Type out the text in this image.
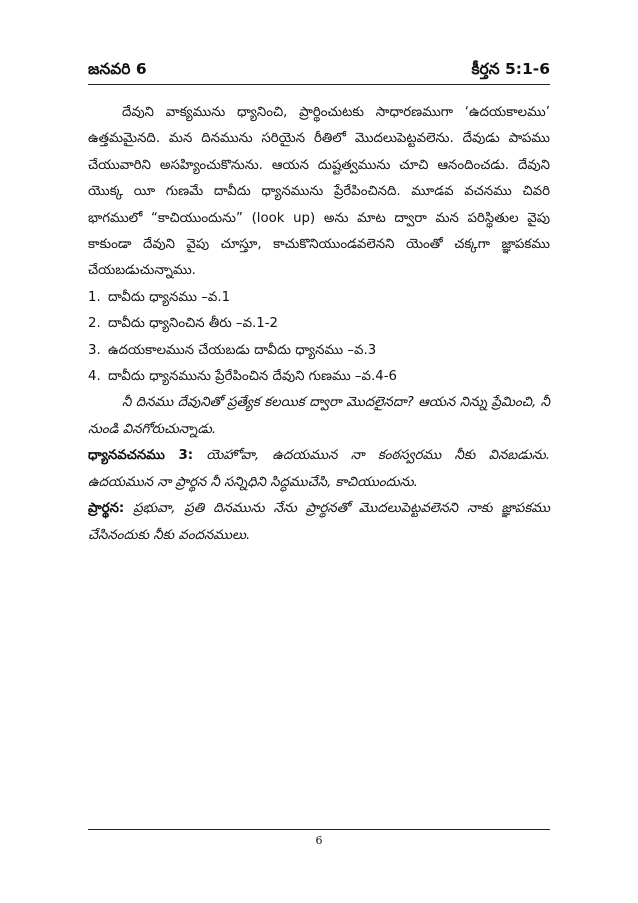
జనవరి 6	కీర్తన 5:1-6

దేవుని వాక్యమును ధ్యానించి, ప్రార్థించుటకు సాధారణముగా ‘ఉదయకాలము’ ఉత్తమమైనది. మన దినమును సరియైన రీతిలో మొదలుపెట్టవలెను. దేవుడు పాపము చేయువారిని అసహ్యించుకొనును. ఆయన దుష్టత్వమును చూచి ఆనందించడు. దేవుని యొక్క యీ గుణమే దావీదు ధ్యానమును ప్రేరేపించినది. మూడవ వచనము చివరి భాగములో “కాచియుందును” (look up) అను మాట ద్వారా మన పరిస్థితుల వైపు కాకుండా దేవుని వైపు చూస్తూ, కాచుకొనియుండవలెనని యెంతో చక్కగా జ్ఞాపకము చేయబడుచున్నాము.

1. దావీదు ధ్యానము –వ.1
2. దావీదు ధ్యానించిన తీరు –వ.1-2
3. ఉదయకాలమున చేయబడు దావీదు ధ్యానము –వ.3
4. దావీదు ధ్యానమును ప్రేరేపించిన దేవుని గుణము –వ.4-6

నీ దినము దేవునితో ప్రత్యేక కలయిక ద్వారా మొదలైనదా? ఆయన నిన్ను ప్రేమించి, నీ నుండి వినగోరుచున్నాడు.

ధ్యానవచనము 3: యెహోవా, ఉదయమున నా కంఠస్వరము నీకు వినబడును. ఉదయమున నా ప్రార్థన నీ సన్నిధిని సిద్ధముచేసి, కాచియుందును.

ప్రార్థన: ప్రభువా, ప్రతి దినమును నేను ప్రార్థనతో మొదలుపెట్టవలెనని నాకు జ్ఞాపకము చేసినందుకు నీకు వందనములు.

6
